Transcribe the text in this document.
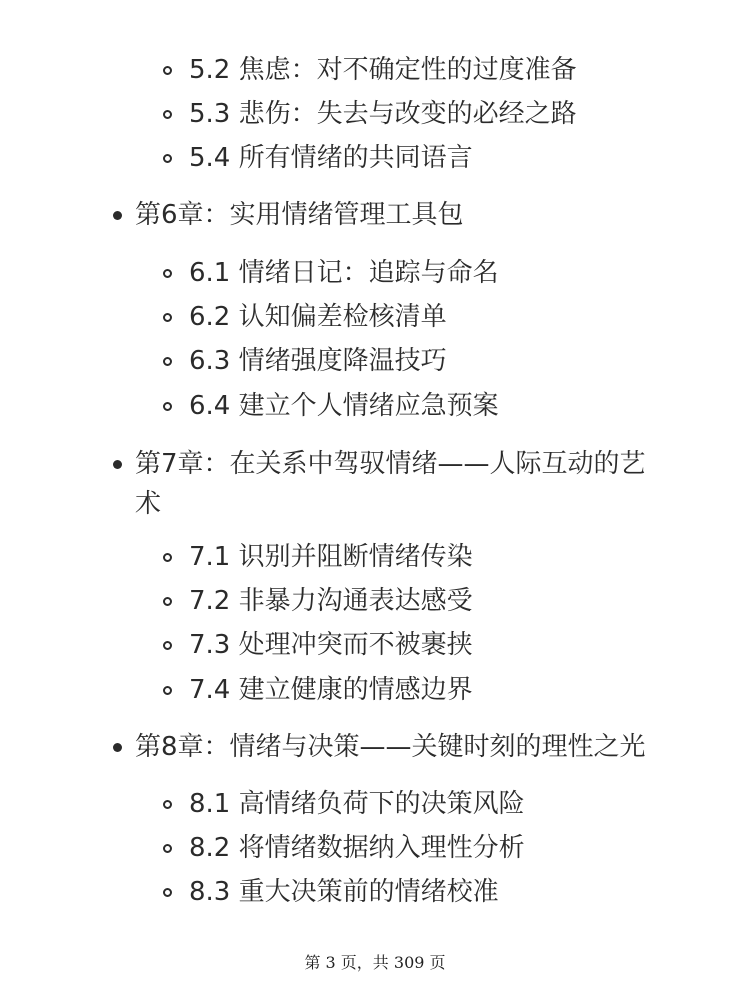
5.2 焦虑：对不确定性的过度准备
5.3 悲伤：失去与改变的必经之路
5.4 所有情绪的共同语言
第6章：实用情绪管理工具包
6.1 情绪日记：追踪与命名
6.2 认知偏差检核清单
6.3 情绪强度降温技巧
6.4 建立个人情绪应急预案
第7章：在关系中驾驭情绪——人际互动的艺术
7.1 识别并阻断情绪传染
7.2 非暴力沟通表达感受
7.3 处理冲突而不被裹挟
7.4 建立健康的情感边界
第8章：情绪与决策——关键时刻的理性之光
8.1 高情绪负荷下的决策风险
8.2 将情绪数据纳入理性分析
8.3 重大决策前的情绪校准
第 3 页，共 309 页
